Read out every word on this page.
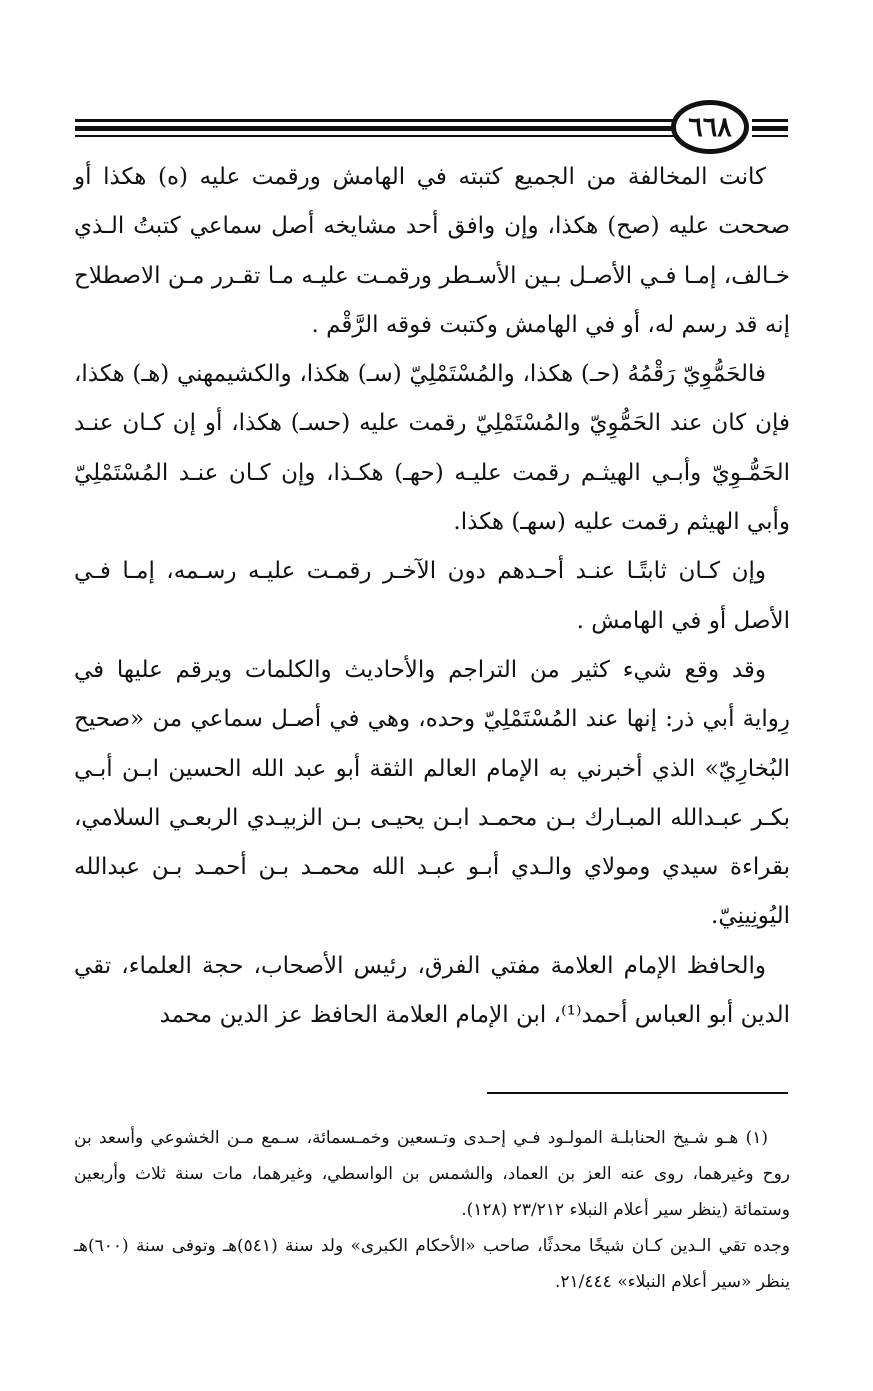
٦٦٨

كانت المخالفة من الجميع كتبته في الهامش ورقمت عليه (ه) هكذا أو صححت عليه (صح) هكذا، وإن وافق أحد مشايخه أصل سماعي كتبتُ الـذي خـالف، إمـا فـي الأصـل بـين الأسـطر ورقمـت عليـه مـا تقـرر مـن الاصطلاح إنه قد رسم له، أو في الهامش وكتبت فوقه الرَّقْم .

فالحَمُّوِيّ رَقْمُهُ (حـ) هكذا، والمُسْتَمْلِيّ (سـ) هكذا، والكشيمهني (هـ) هكذا، فإن كان عند الحَمُّوِيّ والمُسْتَمْلِيّ رقمت عليه (حسـ) هكذا، أو إن كـان عنـد الحَمُّـوِيّ وأبـي الهيثـم رقمت عليـه (حهـ) هكـذا، وإن كـان عنـد المُسْتَمْلِيّ وأبي الهيثم رقمت عليه (سهـ) هكذا.

وإن كـان ثابتًـا عنـد أحـدهم دون الآخـر رقمـت عليـه رسـمه، إمـا فـي الأصل أو في الهامش .

وقد وقع شيء كثير من التراجم والأحاديث والكلمات ويرقم عليها في رِواية أبي ذر: إنها عند المُسْتَمْلِيّ وحده، وهي في أصـل سماعي من «صحيح البُخارِيّ» الذي أخبرني به الإمام العالم الثقة أبو عبد الله الحسين ابـن أبـي بكـر عبـدالله المبـارك بـن محمـد ابـن يحيـى بـن الزبيـدي الربعـي السلامي، بقراءة سيدي ومولاي والـدي أبـو عبـد الله محمـد بـن أحمـد بـن عبدالله اليُونِينِيّ.

والحافظ الإمام العلامة مفتي الفرق، رئيس الأصحاب، حجة العلماء، تقي الدين أبو العباس أحمد⁽¹⁾، ابن الإمام العلامة الحافظ عز الدين محمد

(١) هـو شـيخ الحنابلـة المولـود فـي إحـدى وتـسعين وخمـسمائة، سـمع مـن الخشوعي وأسعد بن روح وغيرهما، روى عنه العز بن العماد، والشمس بن الواسطي، وغيرهما، مات سنة ثلاث وأربعين وستمائة (ينظر سير أعلام النبلاء ٢٣/٢١٢ (١٢٨).

وجده تقي الـدين كـان شيخًا محدثًا، صاحب «الأحكام الكبرى» ولد سنة (٥٤١)هـ وتوفى سنة (٦٠٠)هـ ينظر «سير أعلام النبلاء» ٢١/٤٤٤.
